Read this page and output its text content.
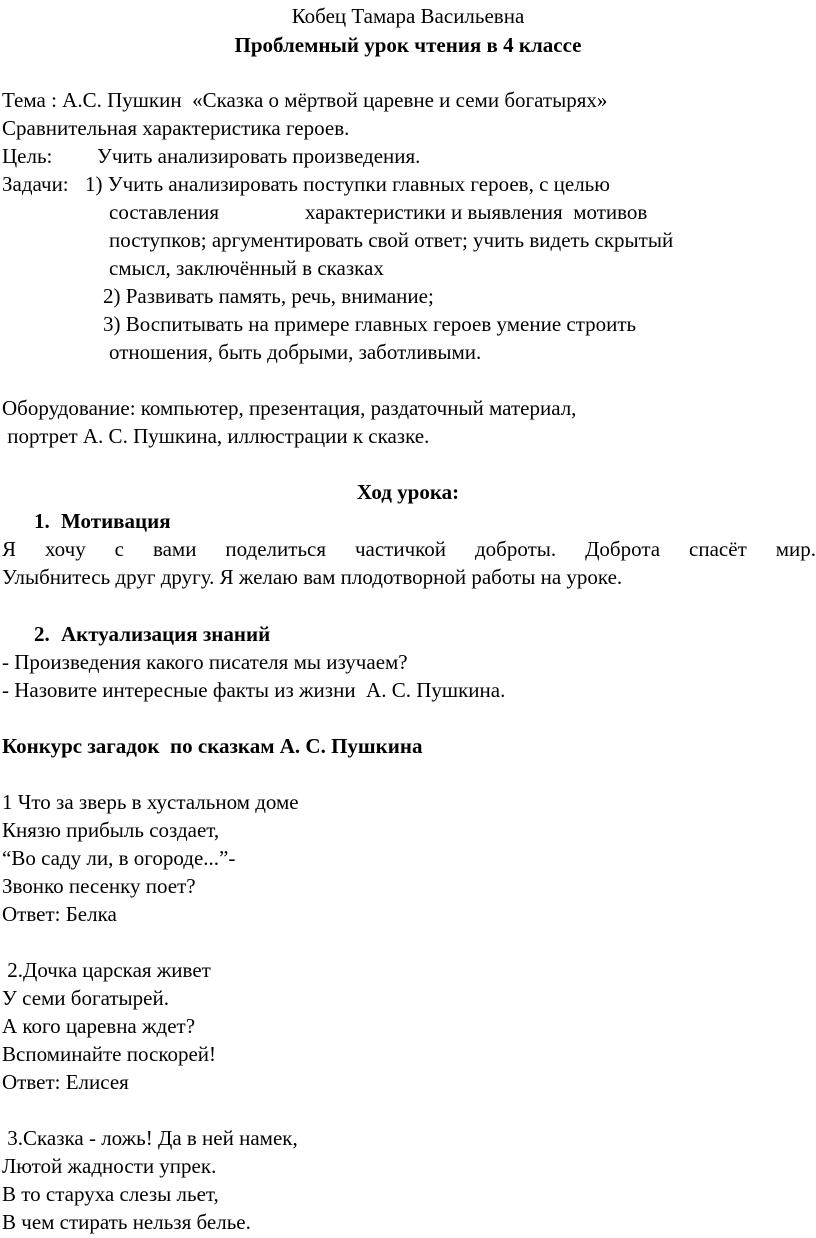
Кобец Тамара Васильевна

Проблемный урок чтения в 4 классе

Тема : А.С. Пушкин  «Сказка о мёртвой царевне и семи богатырях»

Сравнительная характеристика героев.

Цель: Учить анализировать произведения.

Задачи: 1) Учить анализировать поступки главных героев, с целью

составления	характеристики и выявления  мотивов

поступков; аргументировать свой ответ; учить видеть скрытый

смысл, заключённый в сказках

2) Развивать память, речь, внимание;

3) Воспитывать на примере главных героев умение строить

отношения, быть добрыми, заботливыми.

Оборудование: компьютер, презентация, раздаточный материал,

портрет А. С. Пушкина, иллюстрации к сказке.

Ход урока:

1. Мотивация

Я хочу с вами поделиться частичкой доброты. Доброта спасёт мир.

Улыбнитесь друг другу. Я желаю вам плодотворной работы на уроке.

2. Актуализация знаний

- Произведения какого писателя мы изучаем?

- Назовите интересные факты из жизни  А. С. Пушкина.

Конкурс загадок  по сказкам А. С. Пушкина

1 Что за зверь в хустальном доме

Князю прибыль создает,

“Во саду ли, в огороде...”-

Звонко песенку поет?

Ответ: Белка

2.Дочка царская живет

У семи богатырей.

А кого царевна ждет?

Вспоминайте поскорей!

Ответ: Елисея

3.Сказка - ложь! Да в ней намек,

Лютой жадности упрек.

В то старуха слезы льет,

В чем стирать нельзя белье.
